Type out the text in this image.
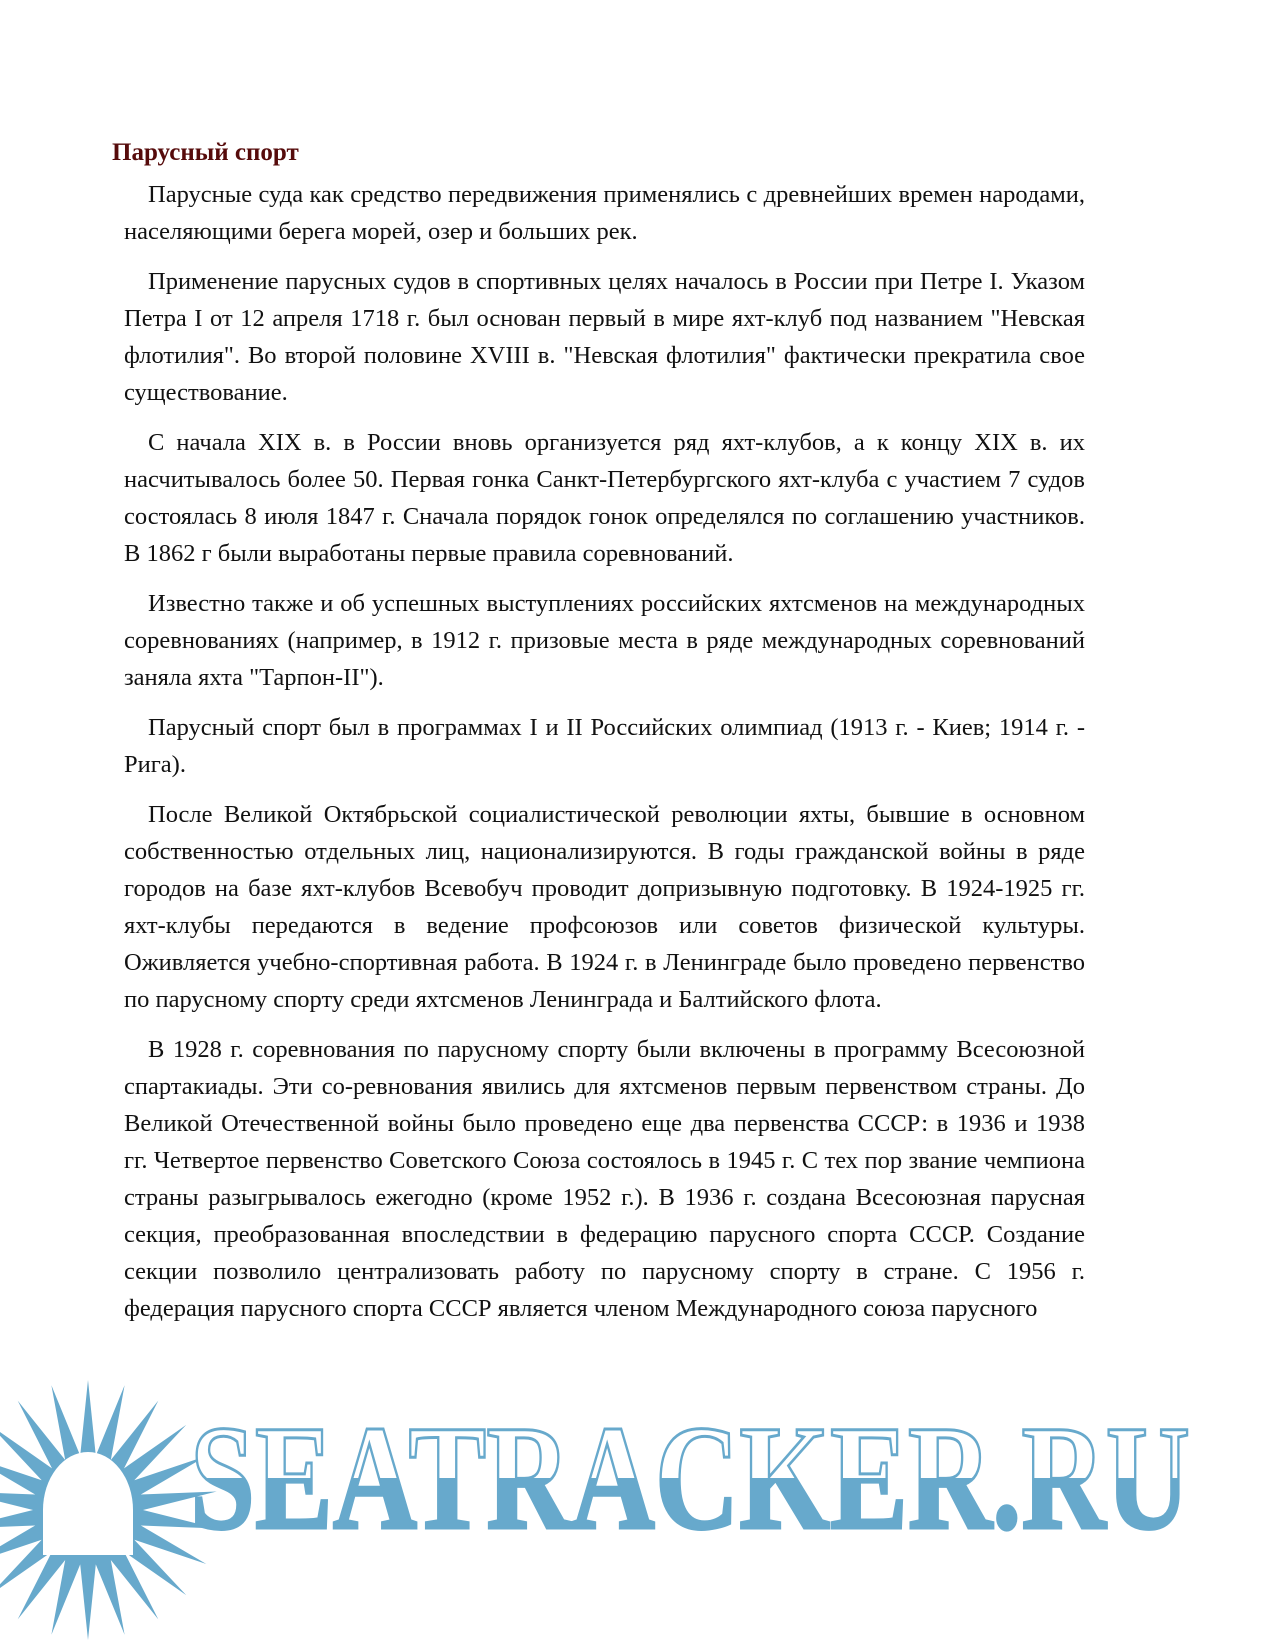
Парусный спорт

Парусные суда как средство передвижения применялись с древнейших времен народами, населяющими берега морей, озер и больших рек.

Применение парусных судов в спортивных целях началось в России при Петре I. Указом Петра I от 12 апреля 1718 г. был основан первый в мире яхт-клуб под названием "Невская флотилия". Во второй половине XVIII в. "Невская флотилия" фактически прекратила свое существование.

С начала XIX в. в России вновь организуется ряд яхт-клубов, а к концу XIX в. их насчитывалось более 50. Первая гонка Санкт-Петербургского яхт-клуба с участием 7 судов состоялась 8 июля 1847 г. Сначала порядок гонок определялся по соглашению участников. В 1862 г были выработаны первые правила соревнований.

Известно также и об успешных выступлениях российских яхтсменов на международных соревнованиях (например, в 1912 г. призовые места в ряде международных соревнований заняла яхта "Тарпон-II").

Парусный спорт был в программах I и II Российских олимпиад (1913 г. - Киев; 1914 г. - Рига).

После Великой Октябрьской социалистической революции яхты, бывшие в основном собственностью отдельных лиц, национализируются. В годы гражданской войны в ряде городов на базе яхт-клубов Всевобуч проводит допризывную подготовку. В 1924-1925 гг. яхт-клубы передаются в ведение профсоюзов или советов физической культуры. Оживляется учебно-спортивная работа. В 1924 г. в Ленинграде было проведено первенство по парусному спорту среди яхтсменов Ленинграда и Балтийского флота.

В 1928 г. соревнования по парусному спорту были включены в программу Всесоюзной спартакиады. Эти со-ревнования явились для яхтсменов первым первенством страны. До Великой Отечественной войны было проведено еще два первенства СССР: в 1936 и 1938 гг. Четвертое первенство Советского Союза состоялось в 1945 г. С тех пор звание чемпиона страны разыгрывалось ежегодно (кроме 1952 г.). В 1936 г. создана Всесоюзная парусная секция, преобразованная впоследствии в федерацию парусного спорта СССР. Создание секции позволило централизовать работу по парусному спорту в стране. С 1956 г. федерация парусного спорта СССР является членом Международного союза парусного

SEATRACKER.RU
